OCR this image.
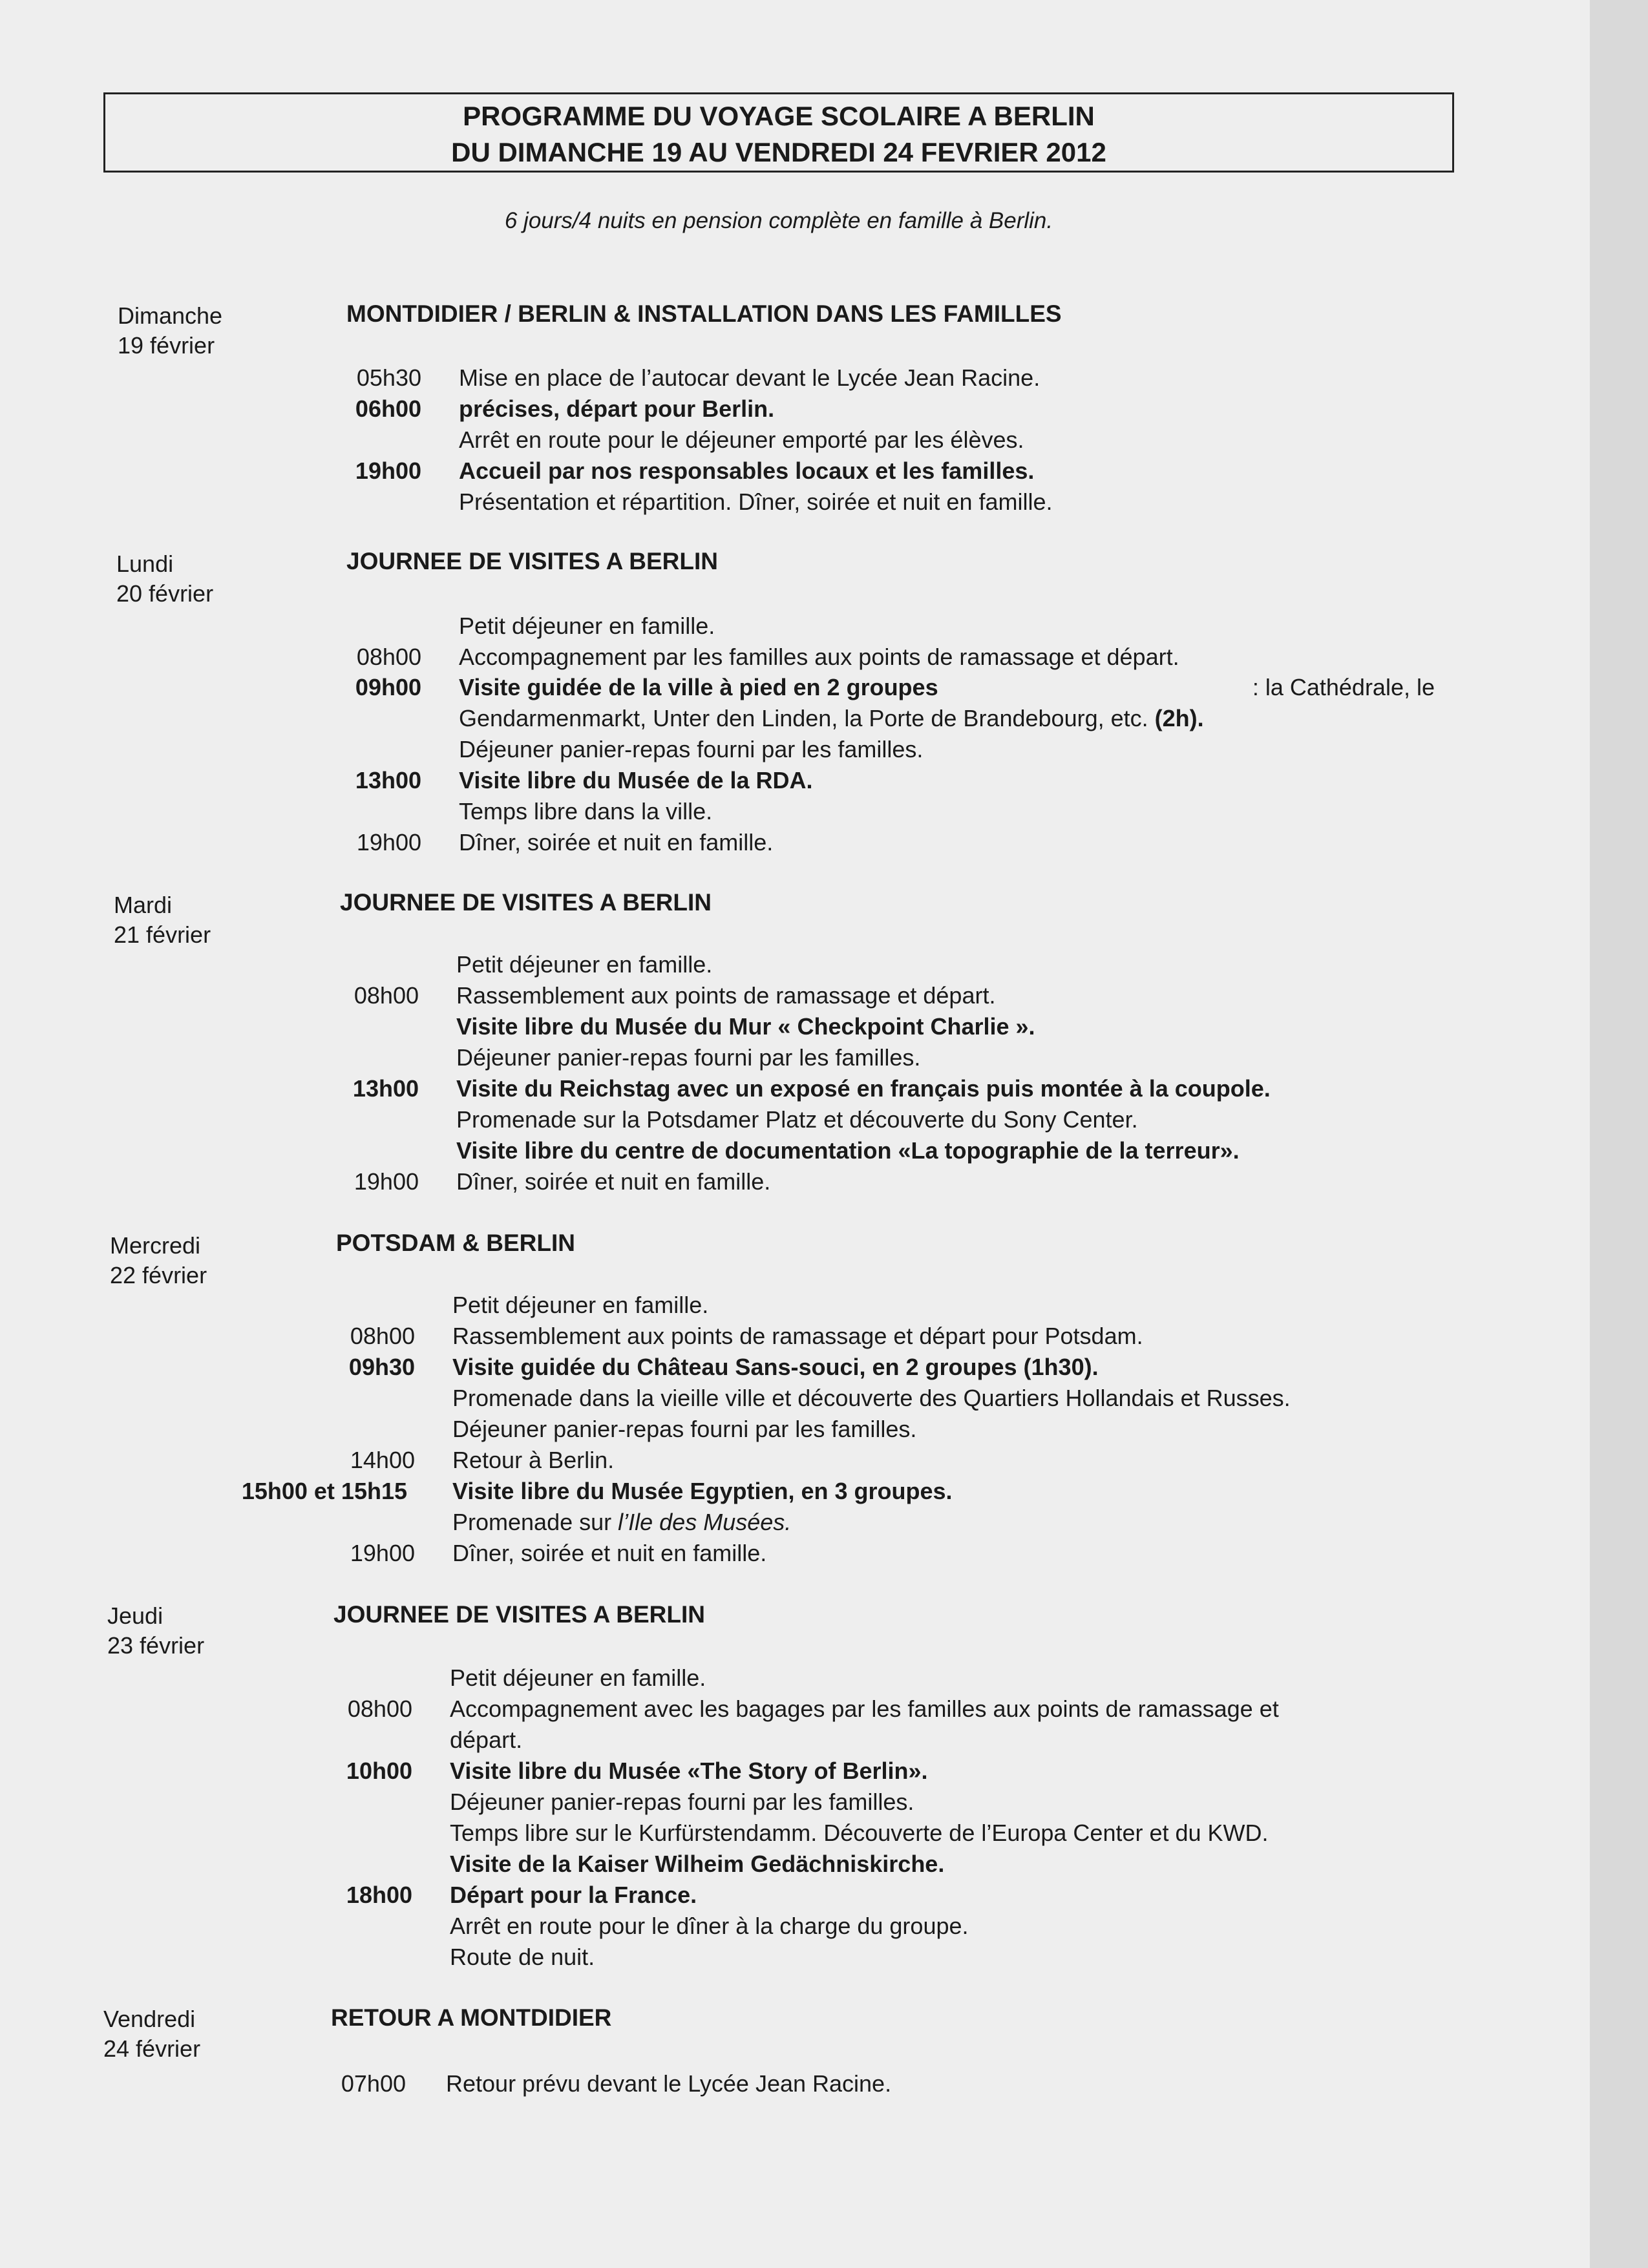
PROGRAMME DU VOYAGE SCOLAIRE A BERLIN
DU DIMANCHE 19 AU VENDREDI 24 FEVRIER 2012
6 jours/4 nuits en pension complète en famille à Berlin.
Dimanche
19 février
MONTDIDIER / BERLIN & INSTALLATION DANS LES FAMILLES
05h30 Mise en place de l’autocar devant le Lycée Jean Racine.
06h00 précises, départ pour Berlin.
Arrêt en route pour le déjeuner emporté par les élèves.
19h00 Accueil par nos responsables locaux et les familles.
Présentation et répartition. Dîner, soirée et nuit en famille.
Lundi
20 février
JOURNEE DE VISITES A BERLIN
Petit déjeuner en famille.
08h00 Accompagnement par les familles aux points de ramassage et départ.
09h00 Visite guidée de la ville à pied en 2 groupes	: la Cathédrale, le
Gendarmenmarkt, Unter den Linden, la Porte de Brandebourg, etc. (2h).
Déjeuner panier-repas fourni par les familles.
13h00 Visite libre du Musée de la RDA.
Temps libre dans la ville.
19h00 Dîner, soirée et nuit en famille.
Mardi
21 février
JOURNEE DE VISITES A BERLIN
Petit déjeuner en famille.
08h00 Rassemblement aux points de ramassage et départ.
Visite libre du Musée du Mur « Checkpoint Charlie ».
Déjeuner panier-repas fourni par les familles.
13h00 Visite du Reichstag avec un exposé en français puis montée à la coupole.
Promenade sur la Potsdamer Platz et découverte du Sony Center.
Visite libre du centre de documentation «La topographie de la terreur».
19h00 Dîner, soirée et nuit en famille.
Mercredi
22 février
POTSDAM & BERLIN
Petit déjeuner en famille.
08h00 Rassemblement aux points de ramassage et départ pour Potsdam.
09h30 Visite guidée du Château Sans-souci, en 2 groupes (1h30).
Promenade dans la vieille ville et découverte des Quartiers Hollandais et Russes.
Déjeuner panier-repas fourni par les familles.
14h00 Retour à Berlin.
15h00 et 15h15 Visite libre du Musée Egyptien, en 3 groupes.
Promenade sur l’Ile des Musées.
19h00 Dîner, soirée et nuit en famille.
Jeudi
23 février
JOURNEE DE VISITES A BERLIN
Petit déjeuner en famille.
08h00 Accompagnement avec les bagages par les familles aux points de ramassage et
départ.
10h00 Visite libre du Musée «The Story of Berlin».
Déjeuner panier-repas fourni par les familles.
Temps libre sur le Kurfürstendamm. Découverte de l’Europa Center et du KWD.
Visite de la Kaiser Wilheim Gedächniskirche.
18h00 Départ pour la France.
Arrêt en route pour le dîner à la charge du groupe.
Route de nuit.
Vendredi
24 février
RETOUR A MONTDIDIER
07h00 Retour prévu devant le Lycée Jean Racine.
